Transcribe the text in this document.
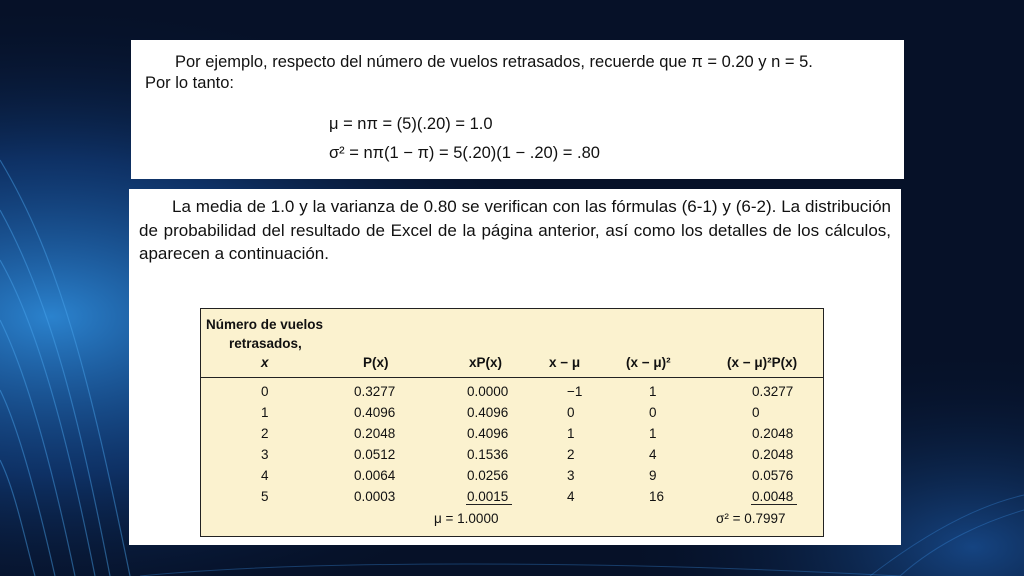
Por ejemplo, respecto del número de vuelos retrasados, recuerde que π = 0.20 y n = 5.
Por lo tanto:
μ = nπ = (5)(.20) = 1.0
σ² = nπ(1 − π) = 5(.20)(1 − .20) = .80
La media de 1.0 y la varianza de 0.80 se verifican con las fórmulas (6-1) y (6-2). La distribución de probabilidad del resultado de Excel de la página anterior, así como los detalles de los cálculos, aparecen a continuación.
Número de vuelos
retrasados,
x	P(x)	xP(x)	x − μ	(x − μ)²	(x − μ)²P(x)
0	0.3277	0.0000	−1	1	0.3277
1	0.4096	0.4096	0	0	0
2	0.2048	0.4096	1	1	0.2048
3	0.0512	0.1536	2	4	0.2048
4	0.0064	0.0256	3	9	0.0576
5	0.0003	0.0015	4	16	0.0048
μ = 1.0000	σ² = 0.7997
